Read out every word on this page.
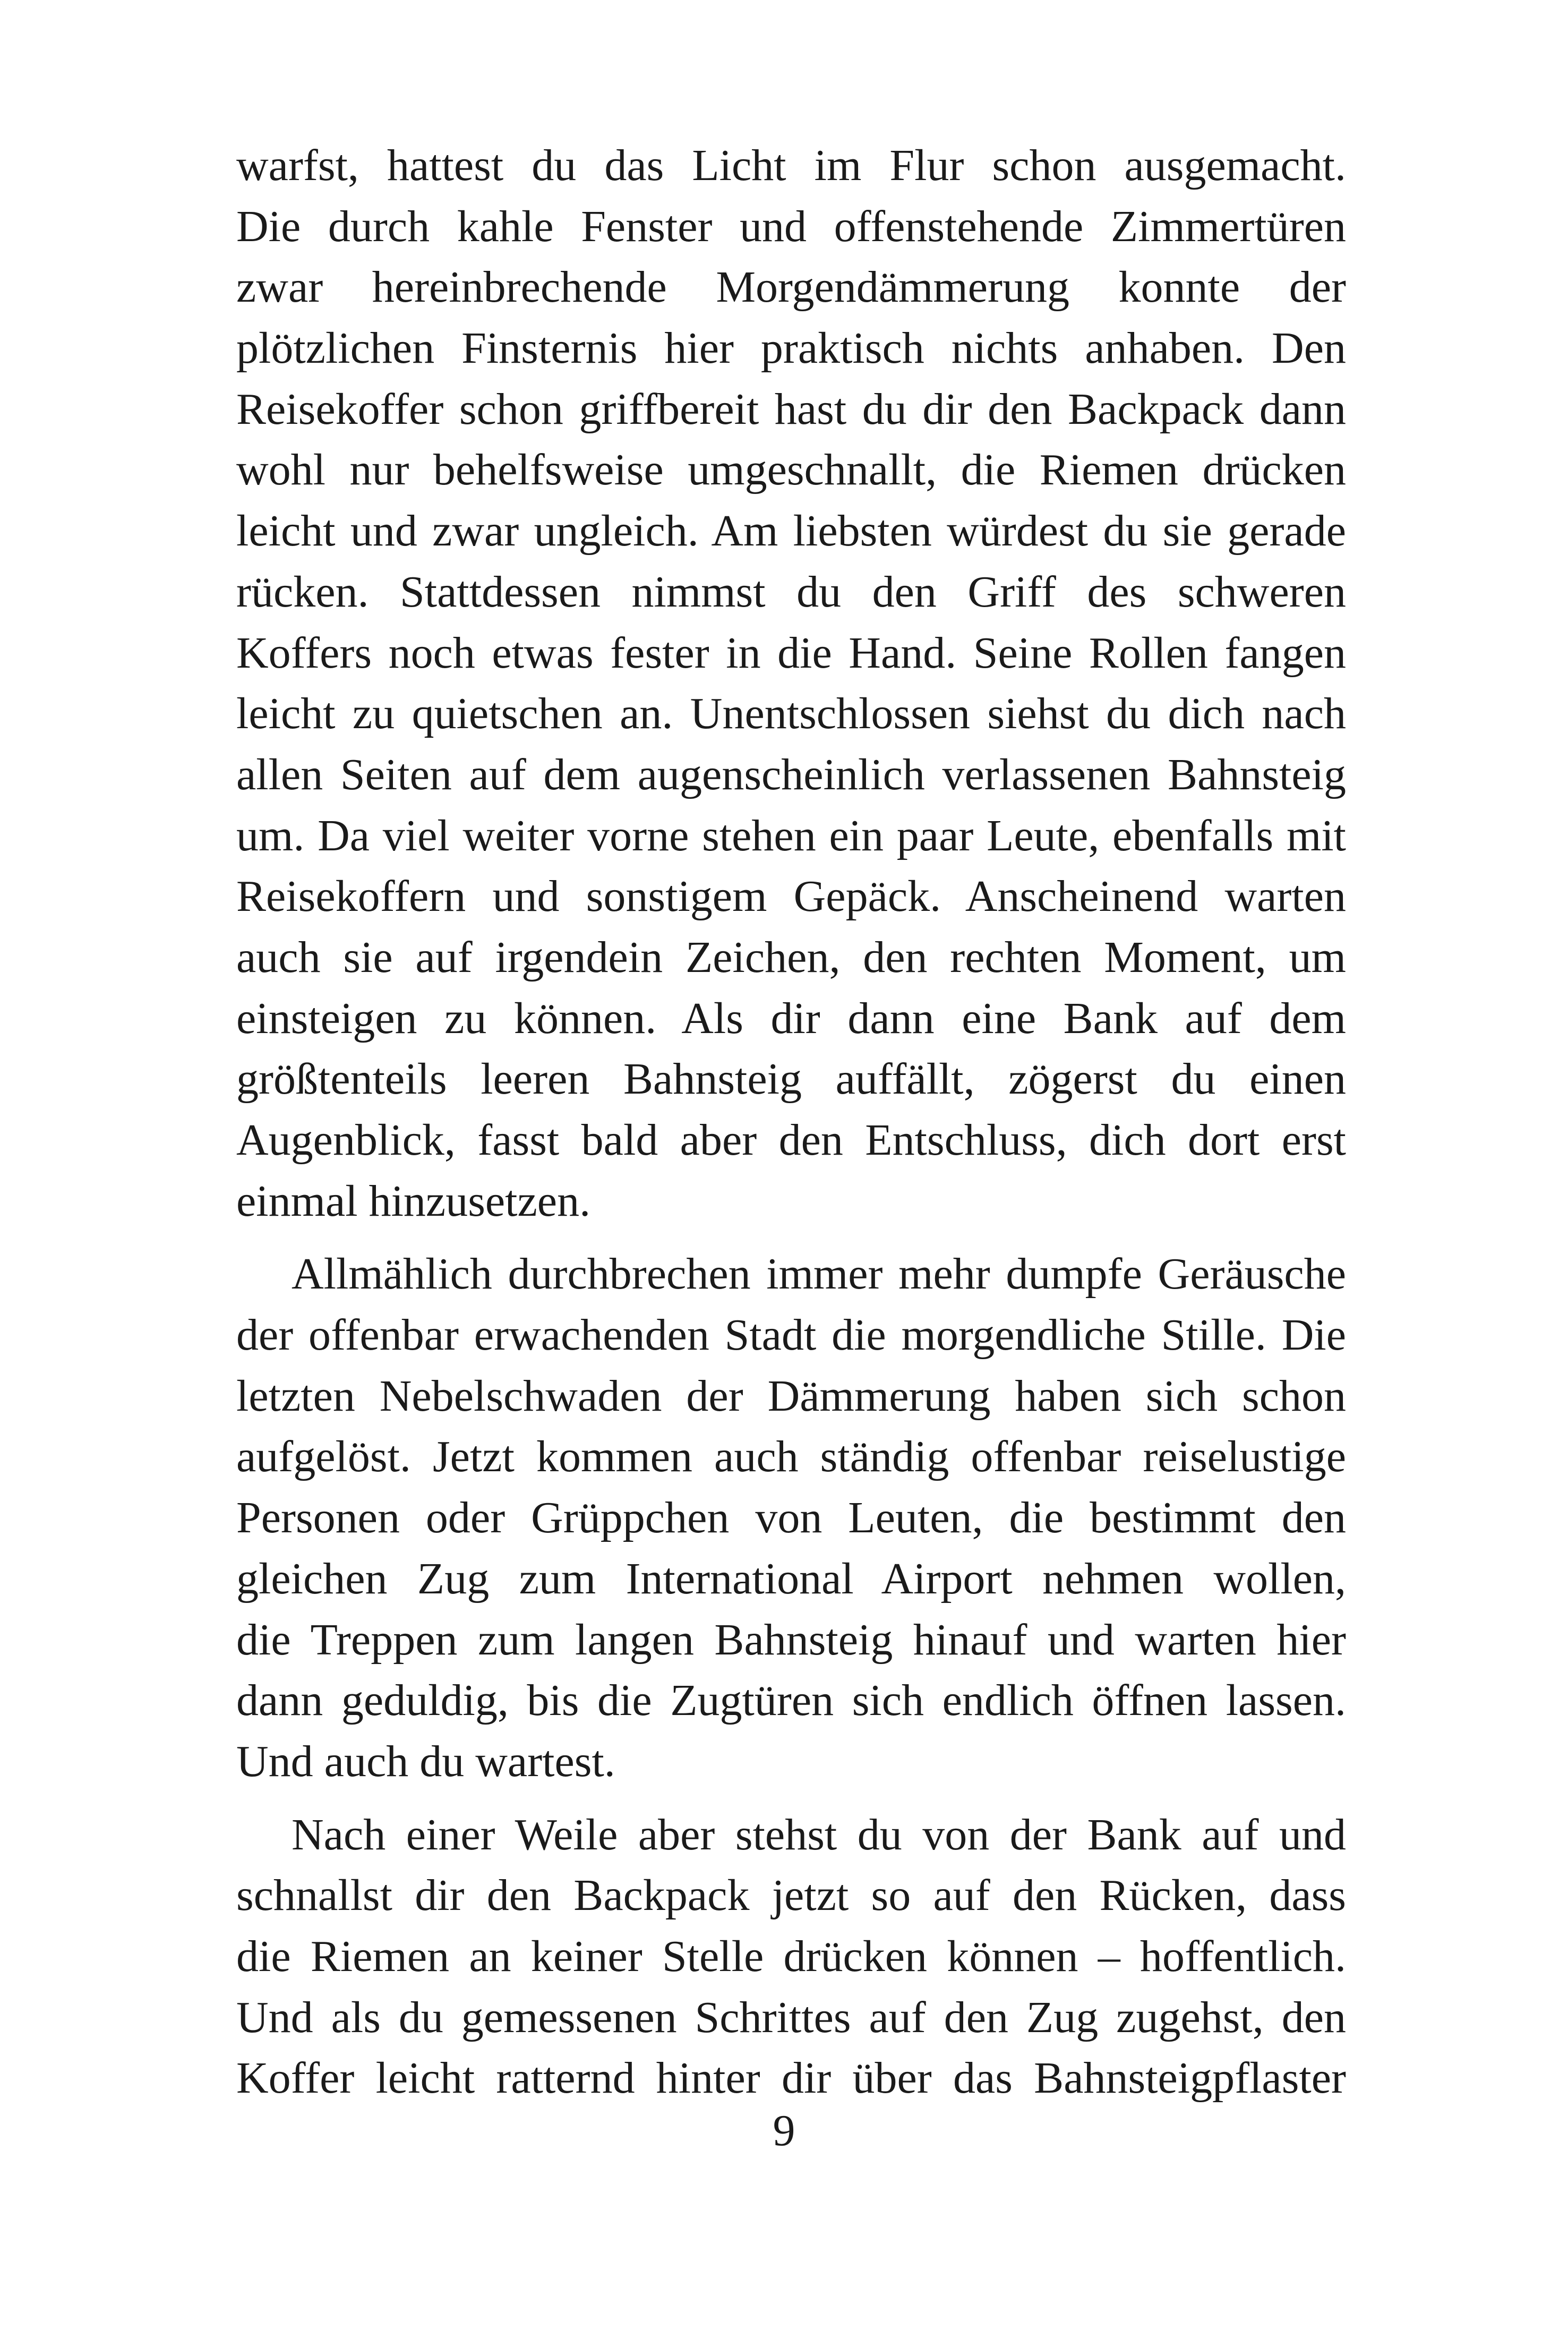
warfst, hattest du das Licht im Flur schon ausgemacht.
Die durch kahle Fenster und offenstehende Zimmertüren
zwar hereinbrechende Morgendämmerung konnte der
plötzlichen Finsternis hier praktisch nichts anhaben. Den
Reisekoffer schon griffbereit hast du dir den Backpack dann
wohl nur behelfsweise umgeschnallt, die Riemen drücken
leicht und zwar ungleich. Am liebsten würdest du sie gerade
rücken. Stattdessen nimmst du den Griff des schweren
Koffers noch etwas fester in die Hand. Seine Rollen fangen
leicht zu quietschen an. Unentschlossen siehst du dich nach
allen Seiten auf dem augenscheinlich verlassenen Bahnsteig
um. Da viel weiter vorne stehen ein paar Leute, ebenfalls mit
Reisekoffern und sonstigem Gepäck. Anscheinend warten
auch sie auf irgendein Zeichen, den rechten Moment, um
einsteigen zu können. Als dir dann eine Bank auf dem
größtenteils leeren Bahnsteig auffällt, zögerst du einen
Augenblick, fasst bald aber den Entschluss, dich dort erst
einmal hinzusetzen.

Allmählich durchbrechen immer mehr dumpfe Geräusche
der offenbar erwachenden Stadt die morgendliche Stille. Die
letzten Nebelschwaden der Dämmerung haben sich schon
aufgelöst. Jetzt kommen auch ständig offenbar reiselustige
Personen oder Grüppchen von Leuten, die bestimmt den
gleichen Zug zum International Airport nehmen wollen,
die Treppen zum langen Bahnsteig hinauf und warten hier
dann geduldig, bis die Zugtüren sich endlich öffnen lassen.
Und auch du wartest.

Nach einer Weile aber stehst du von der Bank auf und
schnallst dir den Backpack jetzt so auf den Rücken, dass
die Riemen an keiner Stelle drücken können – hoffentlich.
Und als du gemessenen Schrittes auf den Zug zugehst, den
Koffer leicht ratternd hinter dir über das Bahnsteigpflaster

9
